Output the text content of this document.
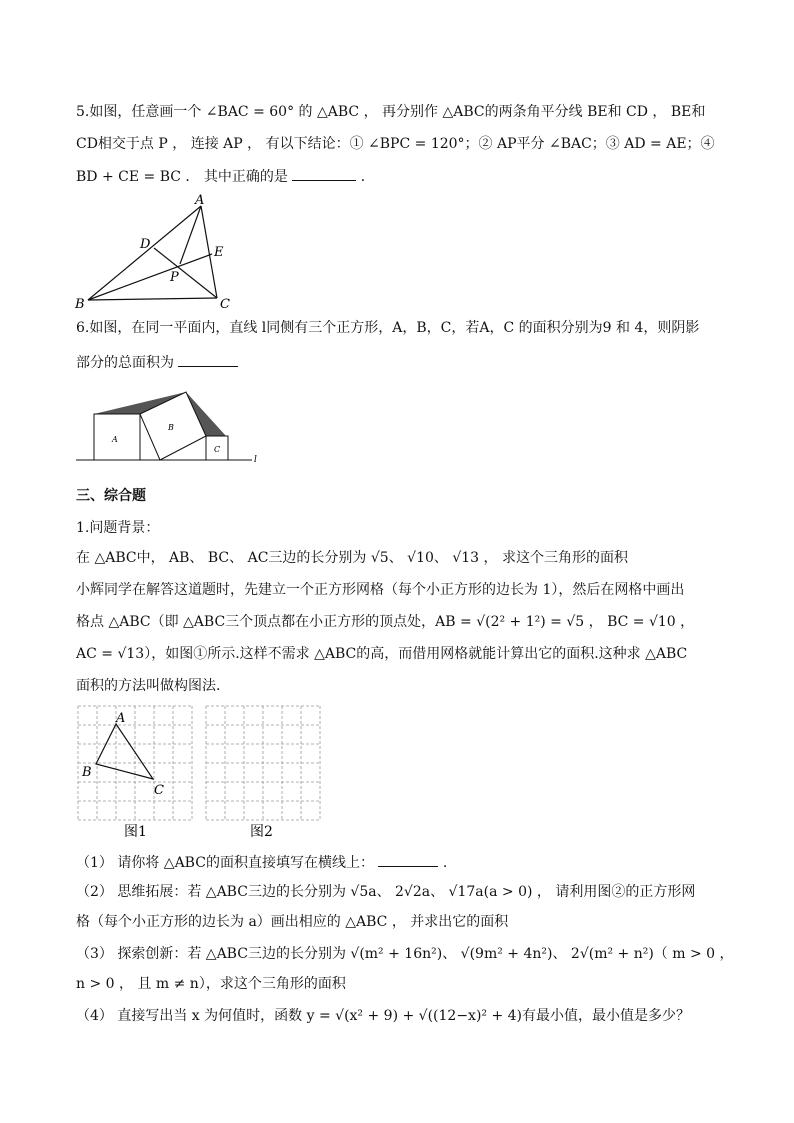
5.如图，任意画一个 ∠BAC = 60° 的 △ABC ， 再分别作 △ABC的两条角平分线 BE和 CD ， BE和
CD相交于点 P ， 连接 AP ， 有以下结论：① ∠BPC = 120°；② AP平分 ∠BAC；③ AD = AE；④
BD + CE = BC ． 其中正确的是	．
A
B	C
D
E
P
6.如图，在同一平面内，直线 l同侧有三个正方形，A，B，C，若A，C 的面积分别为9 和 4，则阴影
部分的总面积为
A
B
C
l
三、综合题
1.问题背景：
在 △ABC中， AB、 BC、 AC三边的长分别为 √5、 √10、 √13 ， 求这个三角形的面积
小辉同学在解答这道题时，先建立一个正方形网格（每个小正方形的边长为 1），然后在网格中画出
格点 △ABC（即 △ABC三个顶点都在小正方形的顶点处，AB = √(2² + 1²) = √5 ， BC = √10 ，
AC = √13），如图①所示.这样不需求 △ABC的高，而借用网格就能计算出它的面积.这种求 △ABC
面积的方法叫做构图法.
A
B
C
图1	图2
（1） 请你将 △ABC的面积直接填写在横线上：	.
（2） 思维拓展：若 △ABC三边的长分别为 √5a、 2√2a、 √17a(a > 0) ， 请利用图②的正方形网
格（每个小正方形的边长为 a）画出相应的 △ABC ， 并求出它的面积
（3） 探索创新：若 △ABC三边的长分别为 √(m² + 16n²)、 √(9m² + 4n²)、 2√(m² + n²)（ m > 0 ，
n > 0 ， 且 m ≠ n），求这个三角形的面积
（4） 直接写出当 x 为何值时，函数 y = √(x² + 9) + √((12−x)² + 4)有最小值，最小值是多少？
